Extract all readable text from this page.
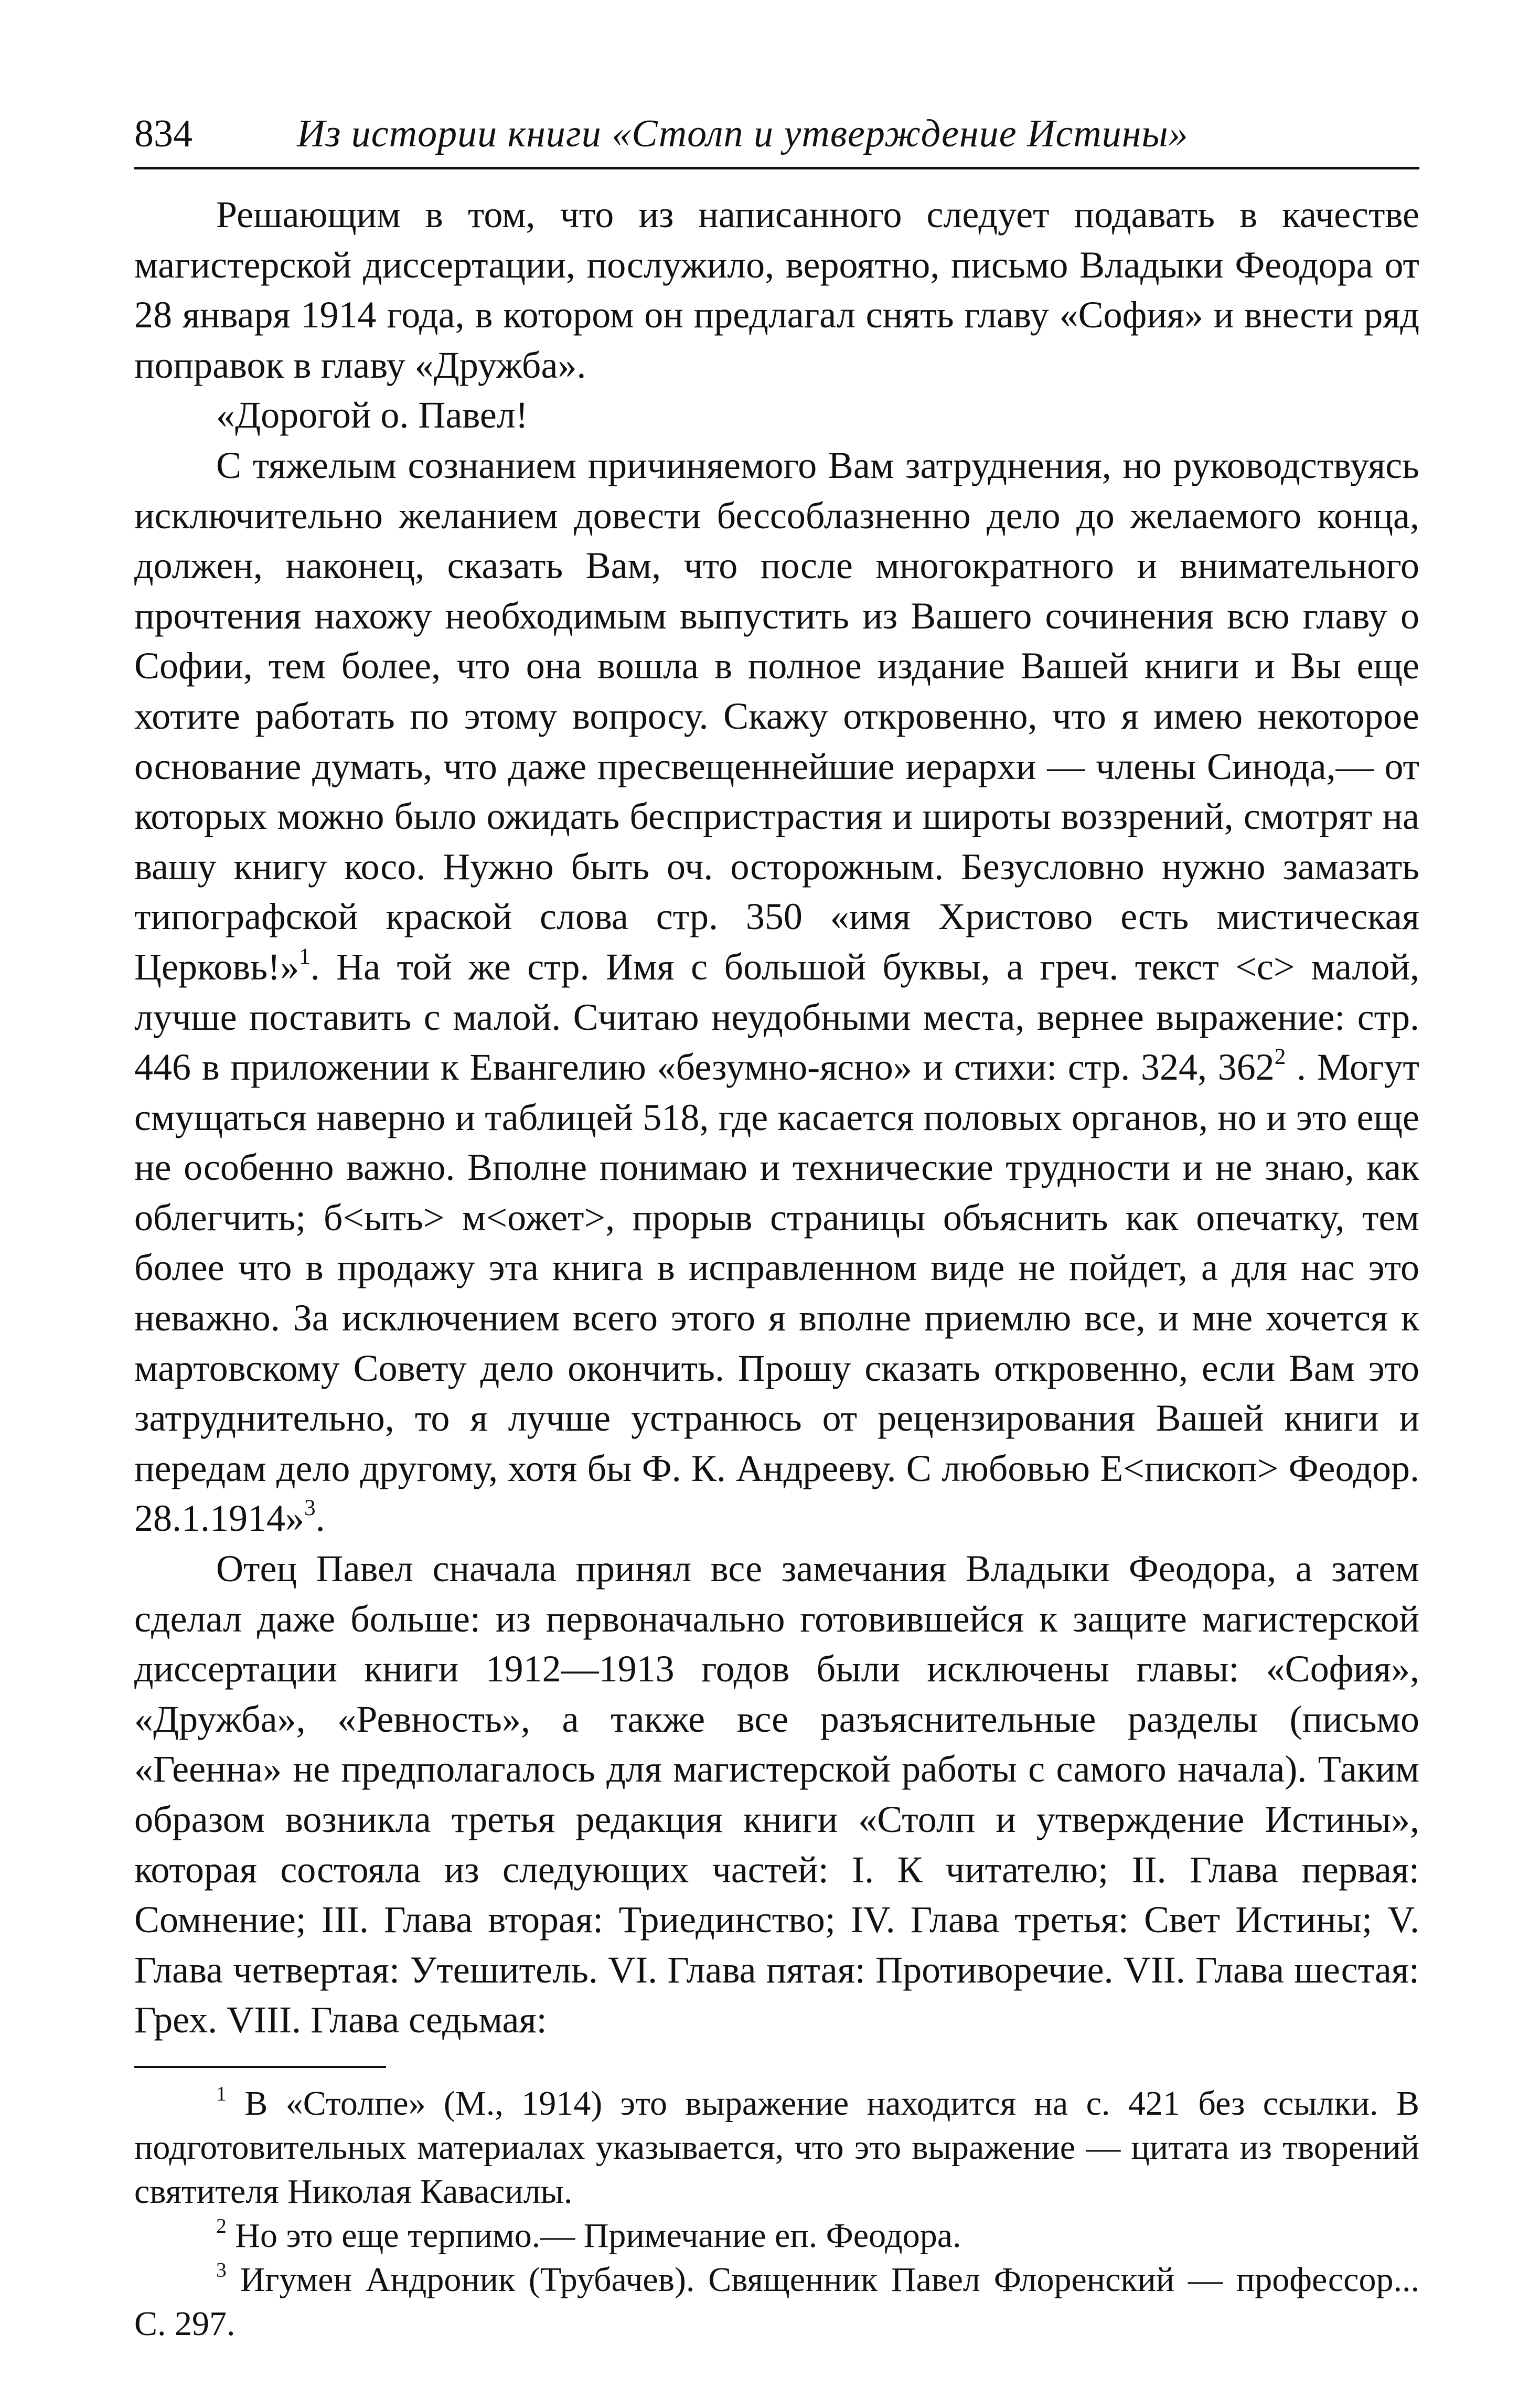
834	Из истории книги «Столп и утверждение Истины»

Решающим в том, что из написанного следует подавать в качестве магистерской диссертации, послужило, вероятно, письмо Владыки Феодора от 28 января 1914 года, в котором он предлагал снять главу «София» и внести ряд поправок в главу «Дружба».

«Дорогой о. Павел!

С тяжелым сознанием причиняемого Вам затруднения, но руководствуясь исключительно желанием довести бессоблазненно дело до желаемого конца, должен, наконец, сказать Вам, что после многократного и внимательного прочтения нахожу необходимым выпустить из Вашего сочинения всю главу о Софии, тем более, что она вошла в полное издание Вашей книги и Вы еще хотите работать по этому вопросу. Скажу откровенно, что я имею некоторое основание думать, что даже пресвещеннейшие иерархи — члены Синода,— от которых можно было ожидать беспристрастия и широты воззрений, смотрят на вашу книгу косо. Нужно быть оч. осторожным. Безусловно нужно замазать типографской краской слова стр. 350 «имя Христово есть мистическая Церковь!»$^1$. На той же стр. Имя с большой буквы, а греч. текст <с> малой, лучше поставить с малой. Считаю неудобными места, вернее выражение: стр. 446 в приложении к Евангелию «безумно-ясно» и стихи: стр. 324, $362^2$ . Могут смущаться наверно и таблицей 518, где касается половых органов, но и это еще не особенно важно. Вполне понимаю и технические трудности и не знаю, как облегчить; б<ыть> м<ожет>, прорыв страницы объяснить как опечатку, тем более что в продажу эта книга в исправленном виде не пойдет, а для нас это неважно. За исключением всего этого я вполне приемлю все, и мне хочется к мартовскому Совету дело окончить. Прошу сказать откровенно, если Вам это затруднительно, то я лучше устранюсь от рецензирования Вашей книги и передам дело другому, хотя бы Ф. К. Андрееву. С любовью Е<пископ> Феодор. 28.1.1914»$^3$.

Отец Павел сначала принял все замечания Владыки Феодора, а затем сделал даже больше: из первоначально готовившейся к защите магистерской диссертации книги 1912—1913 годов были исключены главы: «София», «Дружба», «Ревность», а также все разъяснительные разделы (письмо «Геенна» не предполагалось для магистерской работы с самого начала). Таким образом возникла третья редакция книги «Столп и утверждение Истины», которая состояла из следующих частей: I. К читателю; II. Глава первая: Сомнение; III. Глава вторая: Триединство; IV. Глава третья: Свет Истины; V. Глава четвертая: Утешитель. VI. Глава пятая: Противоречие. VII. Глава шестая: Грех. VIII. Глава седьмая:

$^1$ В «Столпе» (М., 1914) это выражение находится на с. 421 без ссылки. В подготовительных материалах указывается, что это выражение — цитата из творений святителя Николая Кавасилы.

$^2$ Но это еще терпимо.— Примечание еп. Феодора.

$^3$ Игумен Андроник (Трубачев). Священник Павел Флоренский — профессор... С. 297.
